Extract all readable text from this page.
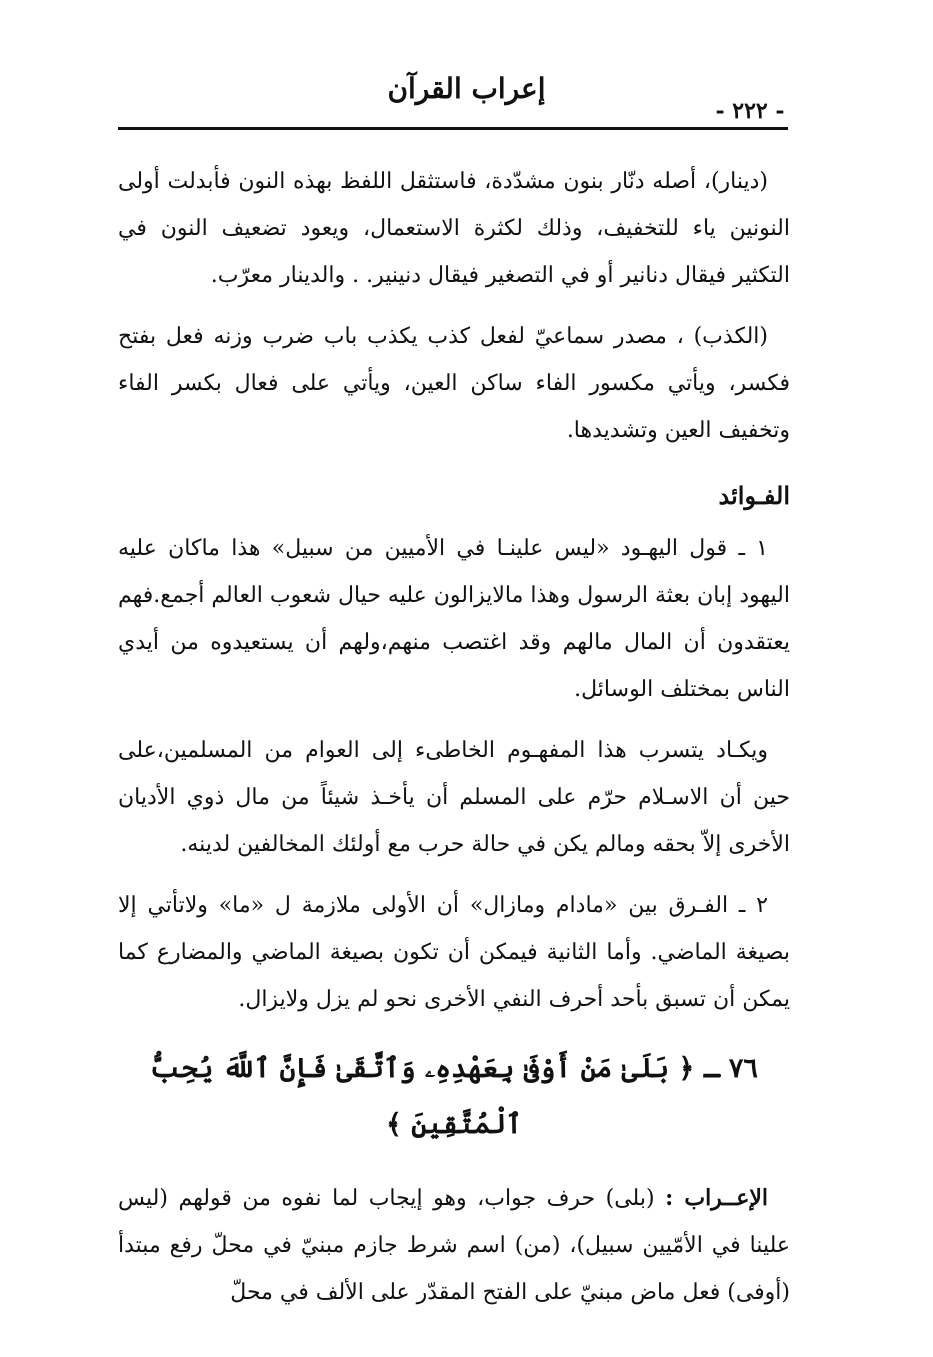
إعراب القرآن
- ٢٢٢ -

(دينار)، أصله دنّار بنون مشدّدة، فاستثقل اللفظ بهذه النون فأبدلت أولى النونين ياء للتخفيف، وذلك لكثرة الاستعمال، ويعود تضعيف النون في التكثير فيقال دنانير أو في التصغير فيقال دنينير. . والدينار معرّب.

(الكذب) ، مصدر سماعيّ لفعل كذب يكذب باب ضرب وزنه فعل بفتح فكسر، ويأتي مكسور الفاء ساكن العين، ويأتي على فعال بكسر الفاء وتخفيف العين وتشديدها.

الفـوائد

١ ـ قول اليهـود «ليس علينـا في الأميين من سبيل» هذا ماكان عليه اليهود إبان بعثة الرسول وهذا مالايزالون عليه حيال شعوب العالم أجمع.فهم يعتقدون أن المال مالهم وقد اغتصب منهم،ولهم أن يستعيدوه من أيدي الناس بمختلف الوسائل.

ويكـاد يتسرب هذا المفهـوم الخاطىء إلى العوام من المسلمين،على حين أن الاسـلام حرّم على المسلم أن يأخـذ شيئاً من مال ذوي الأديان الأخرى إلاّ بحقه ومالم يكن في حالة حرب مع أولئك المخالفين لدينه.

٢ ـ الفـرق بين «مادام ومازال» أن الأولى ملازمة ل «ما» ولاتأتي إلا بصيغة الماضي. وأما الثانية فيمكن أن تكون بصيغة الماضي والمضارع كما يمكن أن تسبق بأحد أحرف النفي الأخرى نحو لم يزل ولايزال.

٧٦ ـ ﴿ بَلَىٰ مَنْ أَوْفَىٰ بِعَهْدِهِۦ وَٱتَّقَىٰ فَإِنَّ ٱللَّهَ يُحِبُّ ٱلْمُتَّقِينَ ﴾

الإعــراب : (بلى) حرف جواب، وهو إيجاب لما نفوه من قولهم (ليس علينا في الأمّيين سبيل)، (من) اسم شرط جازم مبنيّ في محلّ رفع مبتدأ (أوفى) فعل ماض مبنيّ على الفتح المقدّر على الألف في محلّ
